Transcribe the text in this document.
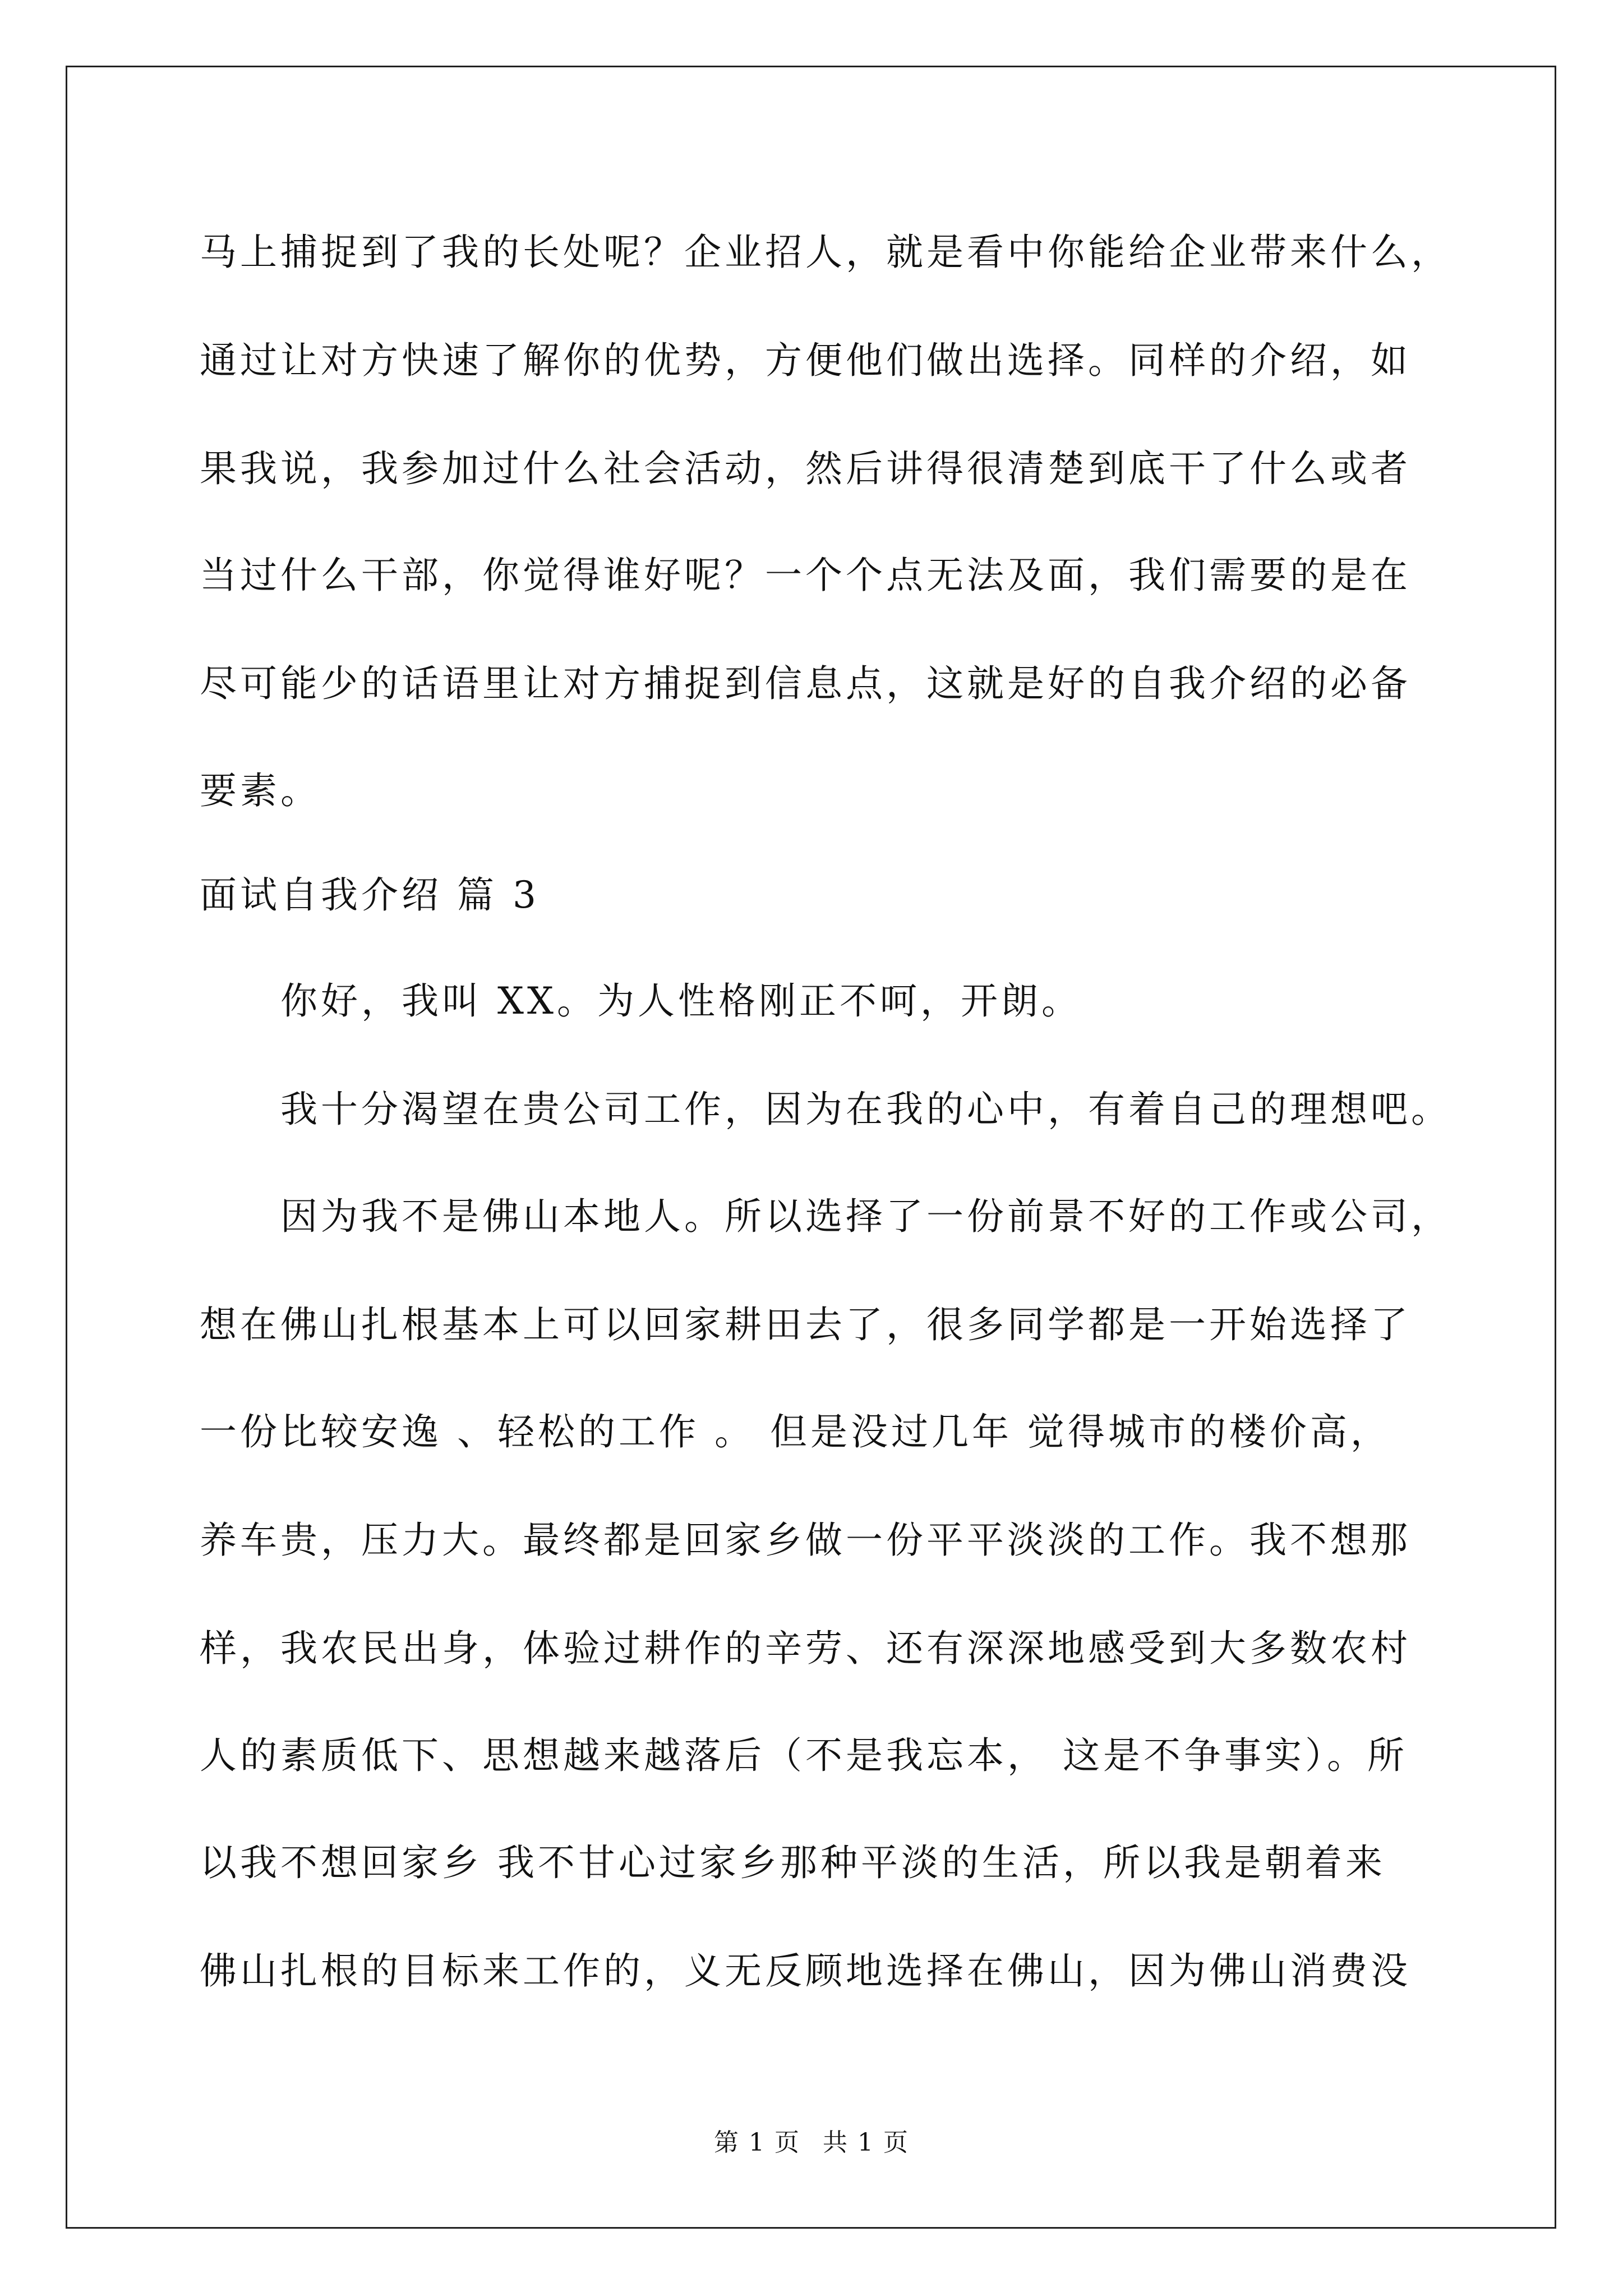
马上捕捉到了我的长处呢？企业招人，就是看中你能给企业带来什么，
通过让对方快速了解你的优势，方便他们做出选择。同样的介绍，如
果我说，我参加过什么社会活动，然后讲得很清楚到底干了什么或者
当过什么干部，你觉得谁好呢？一个个点无法及面，我们需要的是在
尽可能少的话语里让对方捕捉到信息点，这就是好的自我介绍的必备
要素。
面试自我介绍 篇 3
你好，我叫 XX。为人性格刚正不呵，开朗。
我十分渴望在贵公司工作，因为在我的心中，有着自己的理想吧。
因为我不是佛山本地人。所以选择了一份前景不好的工作或公司，
想在佛山扎根基本上可以回家耕田去了，很多同学都是一开始选择了
一份比较安逸 、轻松的工作 。 但是没过几年 觉得城市的楼价高，
养车贵，压力大。最终都是回家乡做一份平平淡淡的工作。我不想那
样，我农民出身，体验过耕作的辛劳、还有深深地感受到大多数农村
人的素质低下、思想越来越落后（不是我忘本， 这是不争事实）。所
以我不想回家乡 我不甘心过家乡那种平淡的生活，所以我是朝着来
佛山扎根的目标来工作的，义无反顾地选择在佛山，因为佛山消费没
第 1 页 共 1 页
